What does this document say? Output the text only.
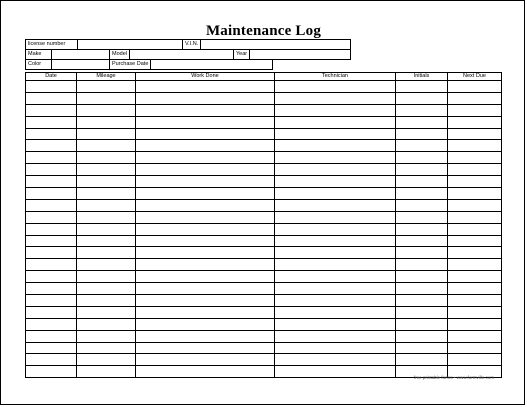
Maintenance Log
license number		V.I.N.	
Make		Model		Year	
Color		Purchase Date	
Date	Mileage	Work Done	Technician	Initials	Next Due

free printable forms • www.formville.com
